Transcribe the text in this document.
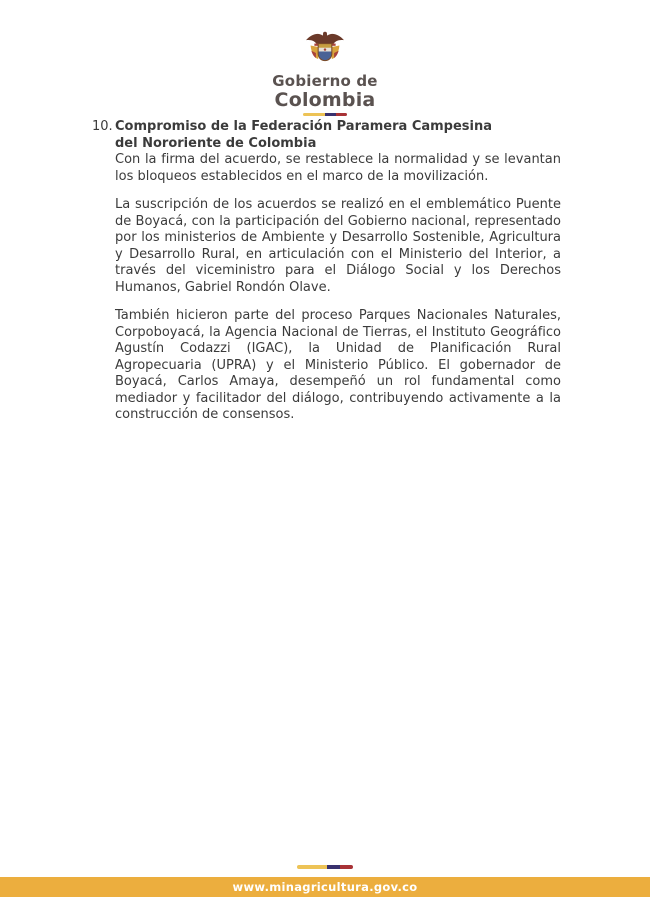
Gobierno de
Colombia
10. Compromiso de la Federación Paramera Campesina del Nororiente de Colombia

Con la firma del acuerdo, se restablece la normalidad y se levantan los bloqueos establecidos en el marco de la movilización.

La suscripción de los acuerdos se realizó en el emblemático Puente de Boyacá, con la participación del Gobierno nacional, representado por los ministerios de Ambiente y Desarrollo Sostenible, Agricultura y Desarrollo Rural, en articulación con el Ministerio del Interior, a través del viceministro para el Diálogo Social y los Derechos Humanos, Gabriel Rondón Olave.

También hicieron parte del proceso Parques Nacionales Naturales, Corpoboyacá, la Agencia Nacional de Tierras, el Instituto Geográfico Agustín Codazzi (IGAC), la Unidad de Planificación Rural Agropecuaria (UPRA) y el Ministerio Público. El gobernador de Boyacá, Carlos Amaya, desempeñó un rol fundamental como mediador y facilitador del diálogo, contribuyendo activamente a la construcción de consensos.

www.minagricultura.gov.co
